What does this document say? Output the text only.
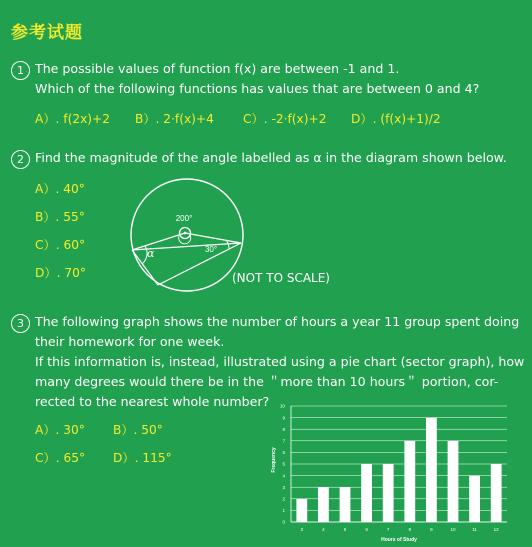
参考试题
1 The possible values of function f(x) are between -1 and 1.
Which of the following functions has values that are between 0 and 4?
A）. f(2x)+2 B）. 2·f(x)+4 C）. -2·f(x)+2 D）. (f(x)+1)/2
2 Find the magnitude of the angle labelled as α in the diagram shown below.
A）. 40°
B）. 55°
C）. 60°
D）. 70°
200°
30°
α
(NOT TO SCALE)
3 The following graph shows the number of hours a year 11 group spent doing
their homework for one week.
If this information is, instead, illustrated using a pie chart (sector graph), how
many degrees would there be in the ＂more than 10 hours＂ portion, cor-
rected to the nearest whole number?
A）. 30° B）. 50°
C）. 65° D）. 115°
0
1
2
3
4
5
6
7
8
9
10
3	4	5	6	7	8	9	10	11	12
Frequency
Hours of Study
